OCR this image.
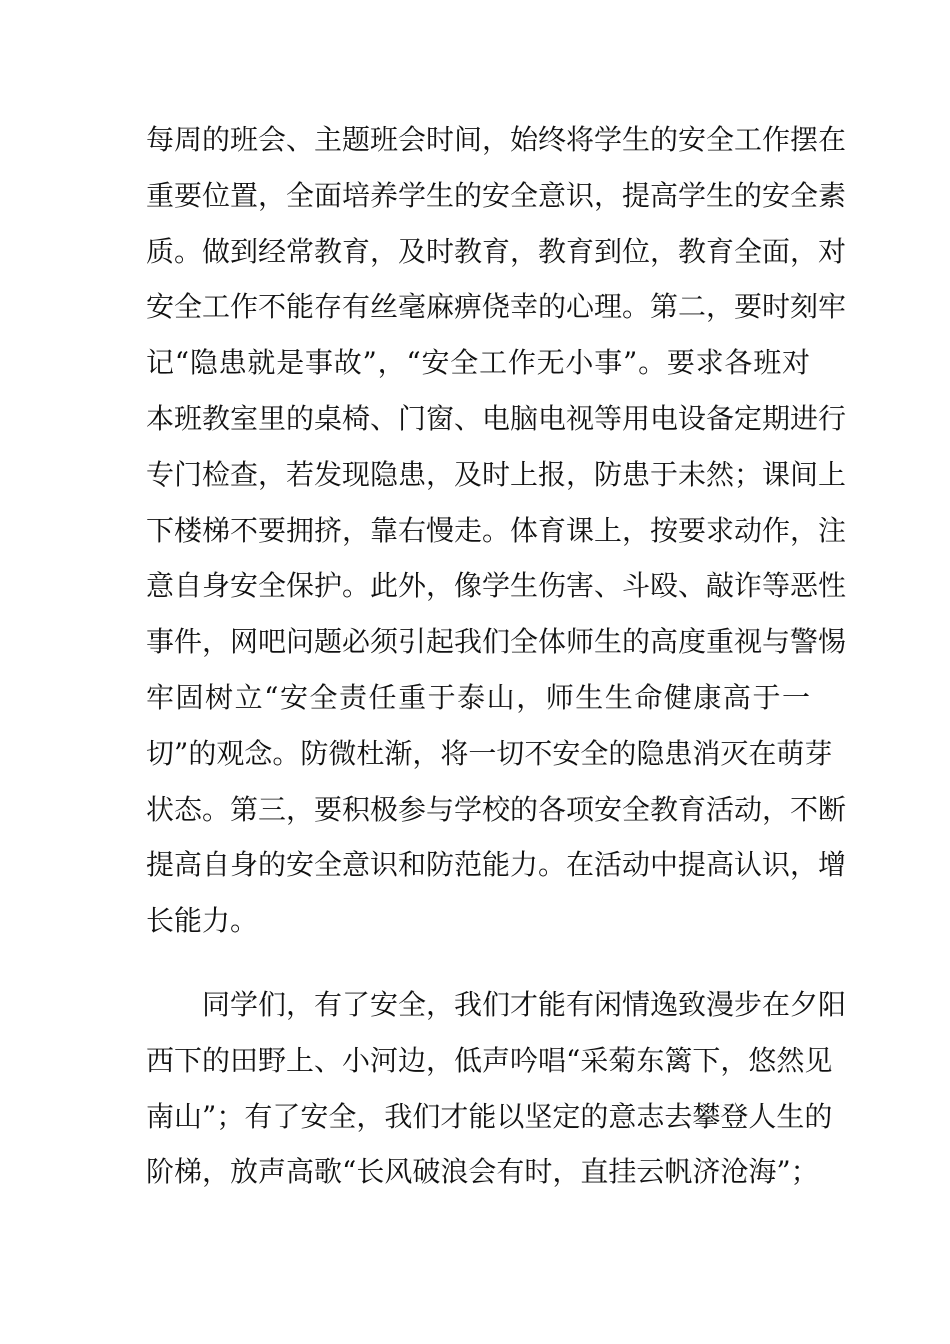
每周的班会、主题班会时间，始终将学生的安全工作摆在
重要位置，全面培养学生的安全意识，提高学生的安全素
质。做到经常教育，及时教育，教育到位，教育全面，对
安全工作不能存有丝毫麻痹侥幸的心理。第二，要时刻牢
记“隐患就是事故”，“安全工作无小事”。要求各班对
本班教室里的桌椅、门窗、电脑电视等用电设备定期进行
专门检查，若发现隐患，及时上报，防患于未然；课间上
下楼梯不要拥挤，靠右慢走。体育课上，按要求动作，注
意自身安全保护。此外，像学生伤害、斗殴、敲诈等恶性
事件，网吧问题必须引起我们全体师生的高度重视与警惕
牢固树立“安全责任重于泰山，师生生命健康高于一
切”的观念。防微杜渐，将一切不安全的隐患消灭在萌芽
状态。第三，要积极参与学校的各项安全教育活动，不断
提高自身的安全意识和防范能力。在活动中提高认识，增
长能力。
　　同学们，有了安全，我们才能有闲情逸致漫步在夕阳
西下的田野上、小河边，低声吟唱“采菊东篱下，悠然见
南山”；有了安全，我们才能以坚定的意志去攀登人生的
阶梯，放声高歌“长风破浪会有时，直挂云帆济沧海”；
